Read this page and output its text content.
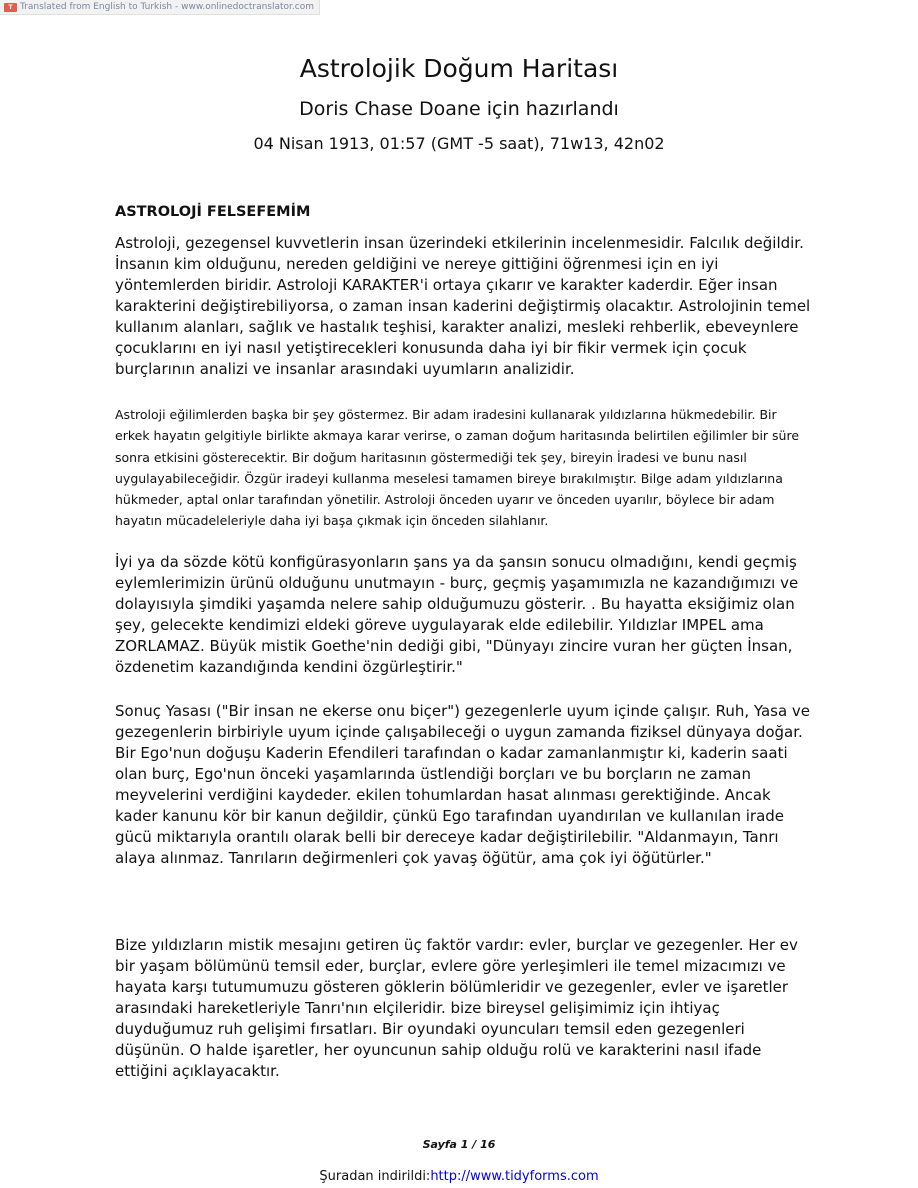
T Translated from English to Turkish - www.onlinedoctranslator.com
Astrolojik Doğum Haritası
Doris Chase Doane için hazırlandı
04 Nisan 1913, 01:57 (GMT -5 saat), 71w13, 42n02
ASTROLOJİ FELSEFEMİM

Astroloji, gezegensel kuvvetlerin insan üzerindeki etkilerinin incelenmesidir. Falcılık değildir. İnsanın kim olduğunu, nereden geldiğini ve nereye gittiğini öğrenmesi için en iyi yöntemlerden biridir. Astroloji KARAKTER'i ortaya çıkarır ve karakter kaderdir. Eğer insan karakterini değiştirebiliyorsa, o zaman insan kaderini değiştirmiş olacaktır. Astrolojinin temel kullanım alanları, sağlık ve hastalık teşhisi, karakter analizi, mesleki rehberlik, ebeveynlere çocuklarını en iyi nasıl yetiştirecekleri konusunda daha iyi bir fikir vermek için çocuk burçlarının analizi ve insanlar arasındaki uyumların analizidir.

Astroloji eğilimlerden başka bir şey göstermez. Bir adam iradesini kullanarak yıldızlarına hükmedebilir. Bir erkek hayatın gelgitiyle birlikte akmaya karar verirse, o zaman doğum haritasında belirtilen eğilimler bir süre sonra etkisini gösterecektir. Bir doğum haritasının göstermediği tek şey, bireyin İradesi ve bunu nasıl uygulayabileceğidir. Özgür iradeyi kullanma meselesi tamamen bireye bırakılmıştır. Bilge adam yıldızlarına hükmeder, aptal onlar tarafından yönetilir. Astroloji önceden uyarır ve önceden uyarılır, böylece bir adam hayatın mücadeleleriyle daha iyi başa çıkmak için önceden silahlanır.

İyi ya da sözde kötü konfigürasyonların şans ya da şansın sonucu olmadığını, kendi geçmiş eylemlerimizin ürünü olduğunu unutmayın - burç, geçmiş yaşamımızla ne kazandığımızı ve dolayısıyla şimdiki yaşamda nelere sahip olduğumuzu gösterir. . Bu hayatta eksiğimiz olan şey, gelecekte kendimizi eldeki göreve uygulayarak elde edilebilir. Yıldızlar IMPEL ama ZORLAMAZ. Büyük mistik Goethe'nin dediği gibi, "Dünyayı zincire vuran her güçten İnsan, özdenetim kazandığında kendini özgürleştirir."

Sonuç Yasası ("Bir insan ne ekerse onu biçer") gezegenlerle uyum içinde çalışır. Ruh, Yasa ve gezegenlerin birbiriyle uyum içinde çalışabileceği o uygun zamanda fiziksel dünyaya doğar. Bir Ego'nun doğuşu Kaderin Efendileri tarafından o kadar zamanlanmıştır ki, kaderin saati olan burç, Ego'nun önceki yaşamlarında üstlendiği borçları ve bu borçların ne zaman meyvelerini verdiğini kaydeder. ekilen tohumlardan hasat alınması gerektiğinde. Ancak kader kanunu kör bir kanun değildir, çünkü Ego tarafından uyandırılan ve kullanılan irade gücü miktarıyla orantılı olarak belli bir dereceye kadar değiştirilebilir. "Aldanmayın, Tanrı alaya alınmaz. Tanrıların değirmenleri çok yavaş öğütür, ama çok iyi öğütürler."

Bize yıldızların mistik mesajını getiren üç faktör vardır: evler, burçlar ve gezegenler. Her ev bir yaşam bölümünü temsil eder, burçlar, evlere göre yerleşimleri ile temel mizacımızı ve hayata karşı tutumumuzu gösteren göklerin bölümleridir ve gezegenler, evler ve işaretler arasındaki hareketleriyle Tanrı'nın elçileridir. bize bireysel gelişimimiz için ihtiyaç duyduğumuz ruh gelişimi fırsatları. Bir oyundaki oyuncuları temsil eden gezegenleri düşünün. O halde işaretler, her oyuncunun sahip olduğu rolü ve karakterini nasıl ifade ettiğini açıklayacaktır.

Sayfa 1 / 16
Şuradan indirildi:http://www.tidyforms.com
